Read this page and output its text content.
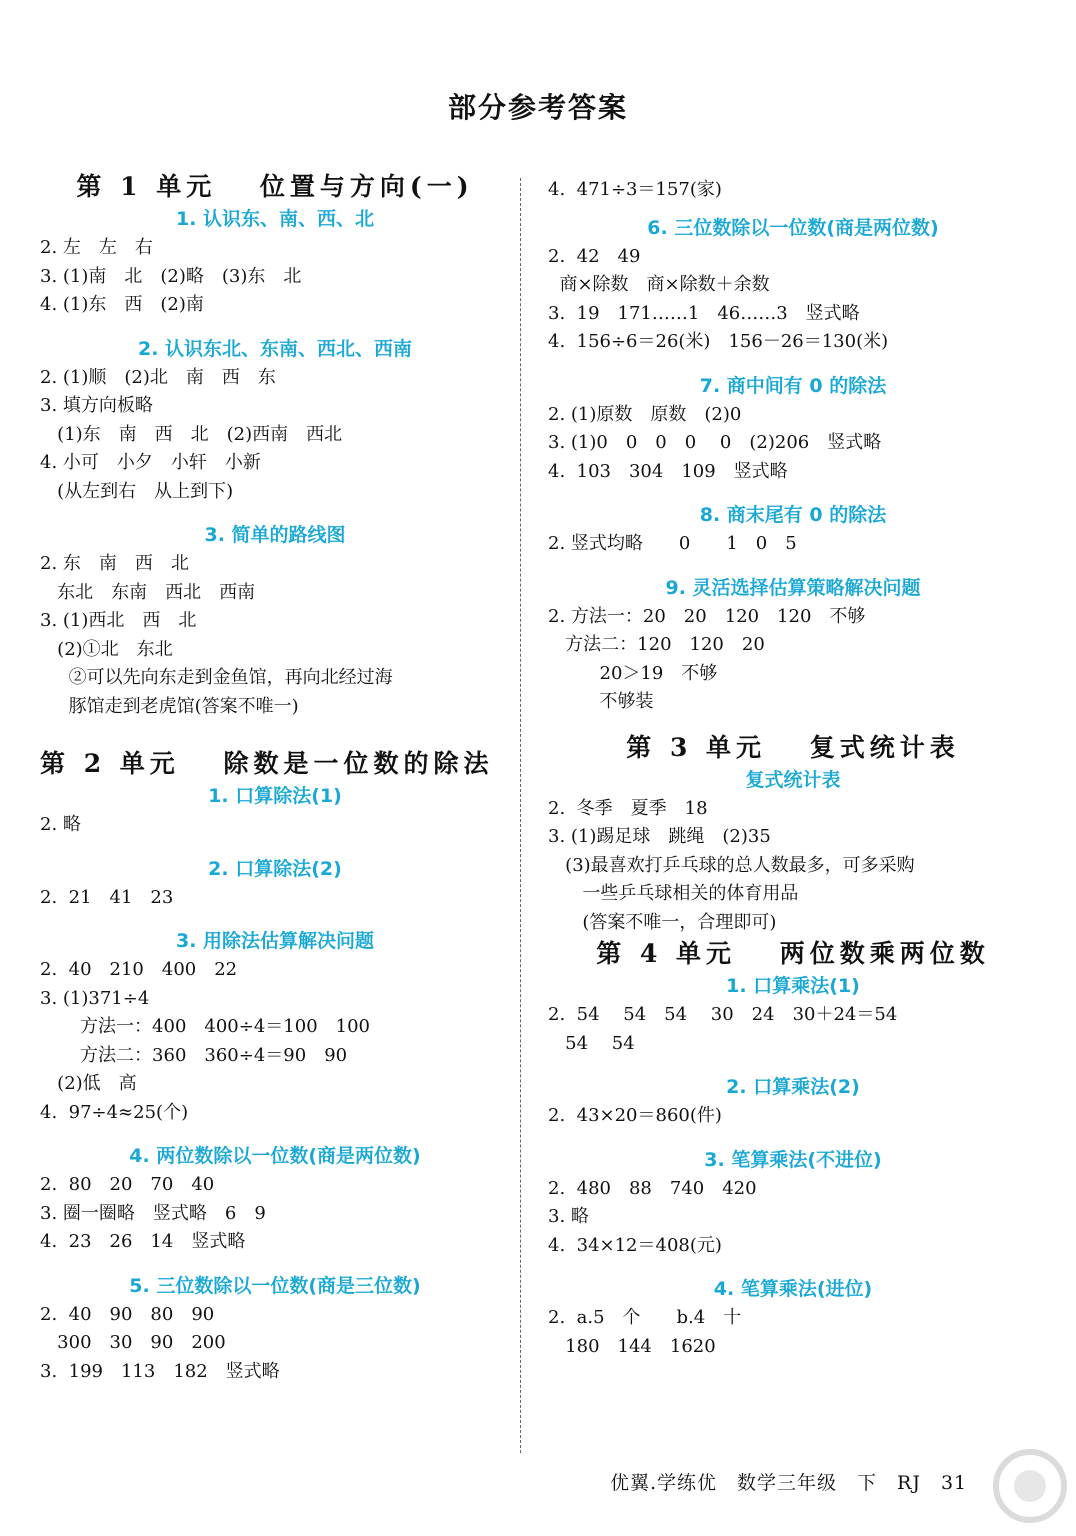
部分参考答案
第 1 单元　 位置与方向(一)
1. 认识东、南、西、北
2. 左　左　右
3. (1)南　北　(2)略　(3)东　北
4. (1)东　西　(2)南
2. 认识东北、东南、西北、西南
2. (1)顺　(2)北　南　西　东
3. 填方向板略
(1)东　南　西　北　(2)西南　西北
4. 小可　小夕　小轩　小新
(从左到右　从上到下)
3. 简单的路线图
2. 东　南　西　北
东北　东南　西北　西南
3. (1)西北　西　北
(2)①北　东北
②可以先向东走到金鱼馆，再向北经过海
豚馆走到老虎馆(答案不唯一)
第 2 单元　 除数是一位数的除法
1. 口算除法(1)
2. 略
2. 口算除法(2)
2.  21　41　23
3. 用除法估算解决问题
2.  40　210　400　22
3. (1)371÷4
方法一：400　400÷4＝100　100
方法二：360　360÷4＝90　90
(2)低　高
4.  97÷4≈25(个)
4. 两位数除以一位数(商是两位数)
2.  80　20　70　40
3. 圈一圈略　竖式略　6　9
4.  23　26　14　竖式略
5. 三位数除以一位数(商是三位数)
2.  40　90　80　90
300　30　90　200
3.  199　113　182　竖式略
4.  471÷3＝157(家)
6. 三位数除以一位数(商是两位数)
2.  42　49
商×除数　商×除数＋余数
3.  19　171……1　46……3　竖式略
4.  156÷6＝26(米)　156－26＝130(米)
7. 商中间有 0 的除法
2. (1)原数　原数　(2)0
3. (1)0　0　0　0　 0　(2)206　竖式略
4.  103　304　109　竖式略
8. 商末尾有 0 的除法
2. 竖式均略　　0　　1　0　5
9. 灵活选择估算策略解决问题
2. 方法一：20　20　120　120　不够
方法二：120　120　20
20＞19　不够
不够装
第 3 单元　 复式统计表
复式统计表
2.  冬季　夏季　18
3. (1)踢足球　跳绳　(2)35
(3)最喜欢打乒乓球的总人数最多，可多采购
一些乒乓球相关的体育用品
(答案不唯一，合理即可)
第 4 单元　 两位数乘两位数
1. 口算乘法(1)
2.  54　 54　54　 30　24　30＋24＝54
54　 54
2. 口算乘法(2)
2.  43×20＝860(件)
3. 笔算乘法(不进位)
2.  480　88　740　420
3. 略
4.  34×12＝408(元)
4. 笔算乘法(进位)
2.  a.5　个　　b.4　十
180　144　1620
优翼.学练优　数学三年级　下　RJ　31
